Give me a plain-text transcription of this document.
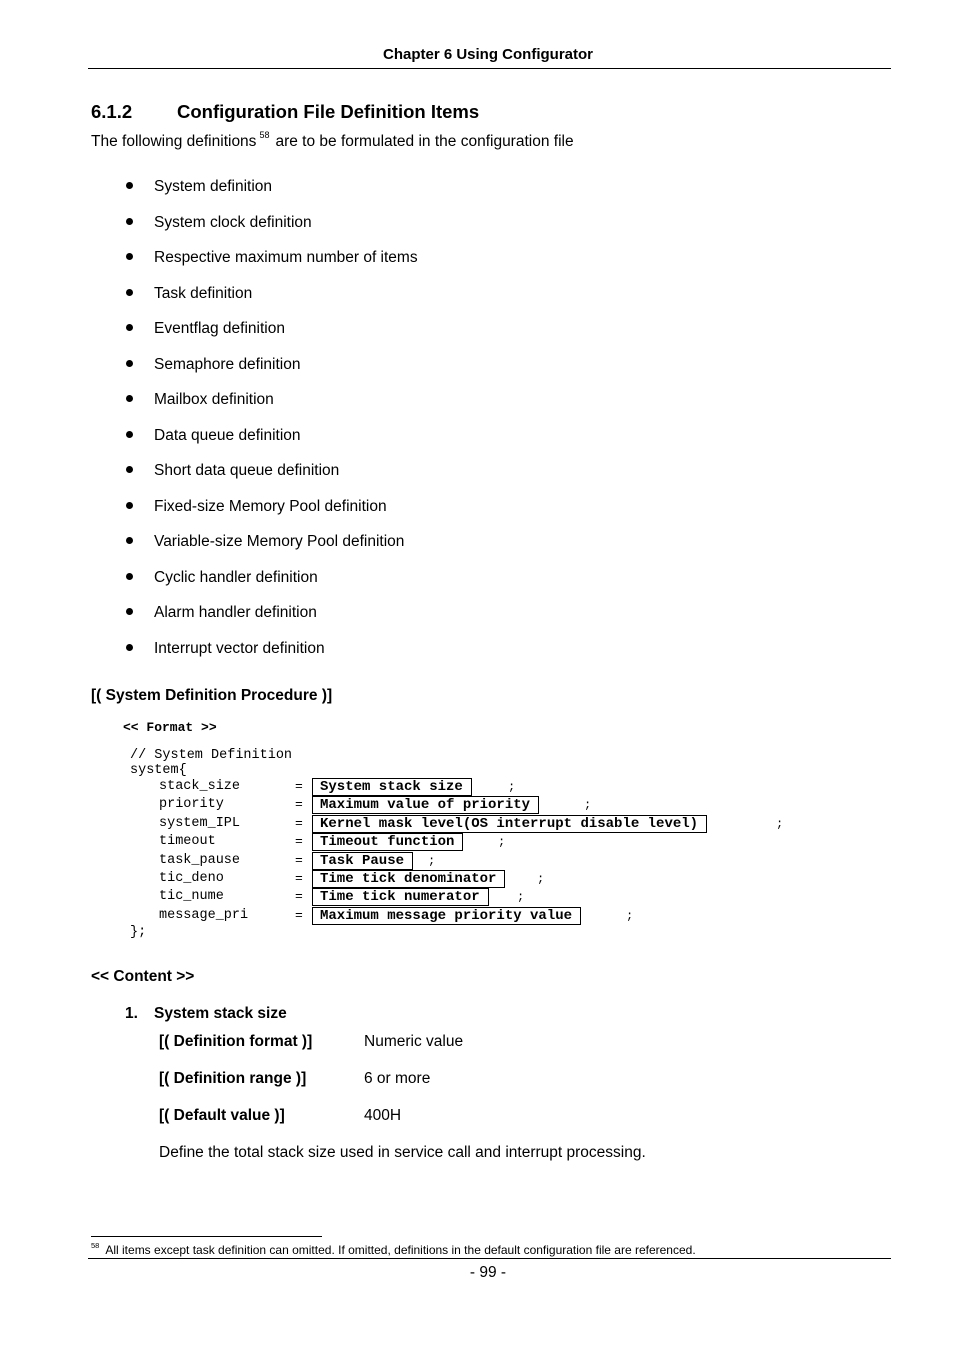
Chapter 6 Using Configurator
6.1.2 Configuration File Definition Items
The following definitions $^{58}$ are to be formulated in the configuration file
System definition
System clock definition
Respective maximum number of items
Task definition
Eventflag definition
Semaphore definition
Mailbox definition
Data queue definition
Short data queue definition
Fixed-size Memory Pool definition
Variable-size Memory Pool definition
Cyclic handler definition
Alarm handler definition
Interrupt vector definition
[( System Definition Procedure )]
<< Format >>
// System Definition
system{
stack_size	=	System stack size	;
priority	=	Maximum value of priority	;
system_IPL	=	Kernel mask level(OS interrupt disable level)	;
timeout	=	Timeout function	;
task_pause	=	Task Pause	;
tic_deno	=	Time tick denominator	;
tic_nume	=	Time tick numerator	;
message_pri	=	Maximum message priority value	;
};
<< Content >>
1. System stack size
[( Definition format )]	Numeric value
[( Definition range )]	6 or more
[( Default value )]	400H
Define the total stack size used in service call and interrupt processing.
$^{58}$ All items except task definition can omitted. If omitted, definitions in the default configuration file are referenced.
- 99 -
